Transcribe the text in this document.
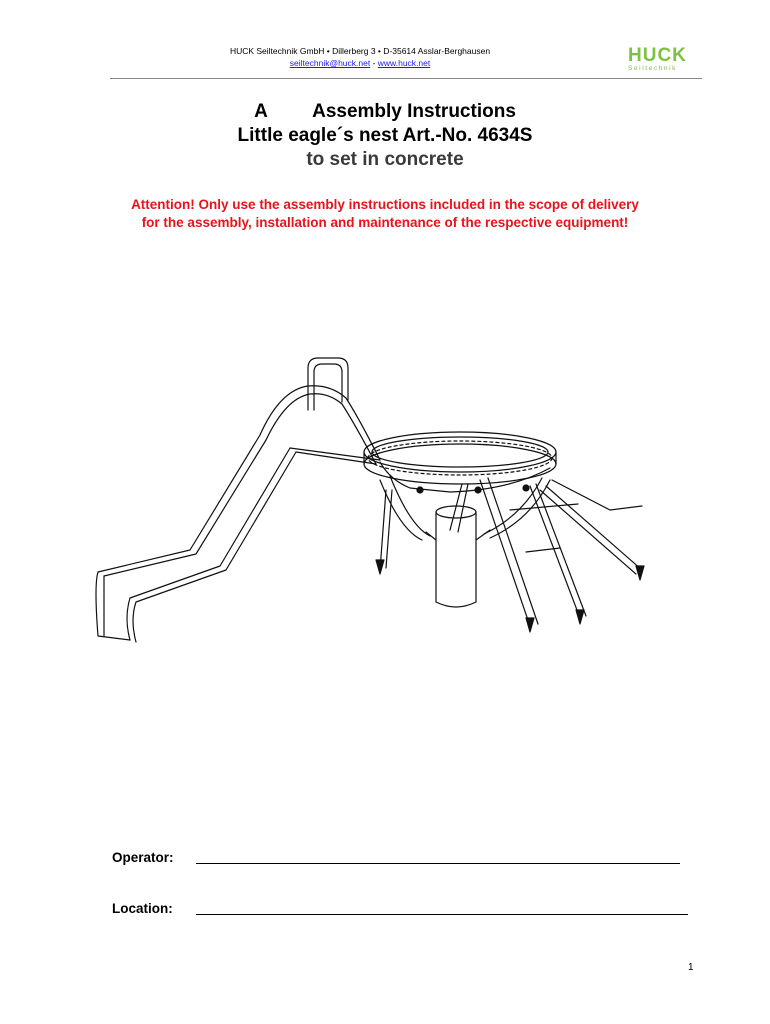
HUCK Seiltechnik GmbH • Dillerberg 3 • D-35614 Asslar-Berghausen
seiltechnik@huck.net - www.huck.net	HUCK
Seiltechnik
A Assembly Instructions
Little eagle´s nest Art.-No. 4634S
to set in concrete
Attention! Only use the assembly instructions included in the scope of delivery
for the assembly, installation and maintenance of the respective equipment!
Operator:
Location:
1
